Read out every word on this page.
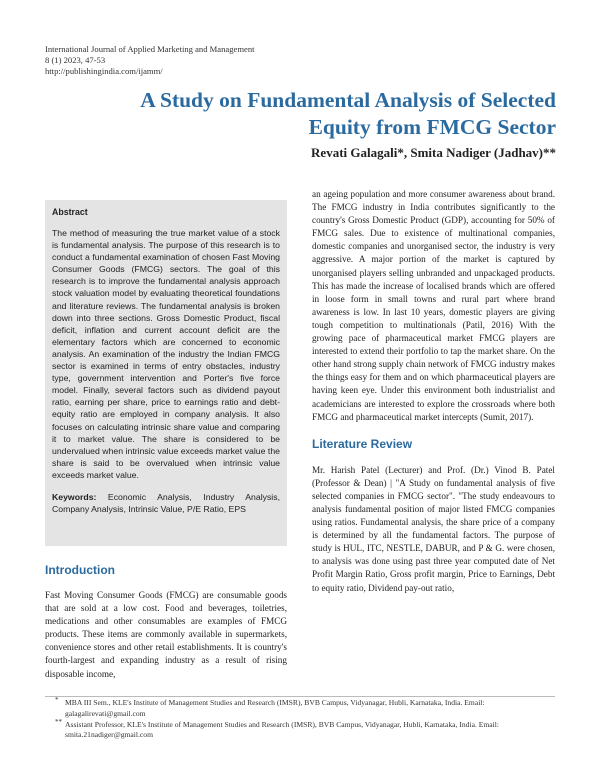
International Journal of Applied Marketing and Management
8 (1) 2023, 47-53
http://publishingindia.com/ijamm/
A Study on Fundamental Analysis of Selected
Equity from FMCG Sector
Revati Galagali*, Smita Nadiger (Jadhav)**

Abstract

The method of measuring the true market value of a stock is fundamental analysis. The purpose of this research is to conduct a fundamental examination of chosen Fast Moving Consumer Goods (FMCG) sectors. The goal of this research is to improve the fundamental analysis approach stock valuation model by evaluating theoretical foundations and literature reviews. The fundamental analysis is broken down into three sections. Gross Domestic Product, fiscal deficit, inflation and current account deficit are the elementary factors which are concerned to economic analysis. An examination of the industry the Indian FMCG sector is examined in terms of entry obstacles, industry type, government intervention and Porter's five force model. Finally, several factors such as dividend payout ratio, earning per share, price to earnings ratio and debt-equity ratio are employed in company analysis. It also focuses on calculating intrinsic share value and comparing it to market value. The share is considered to be undervalued when intrinsic value exceeds market value the share is said to be overvalued when intrinsic value exceeds market value.

Keywords: Economic Analysis, Industry Analysis, Company Analysis, Intrinsic Value, P/E Ratio, EPS

Introduction

Fast Moving Consumer Goods (FMCG) are consumable goods that are sold at a low cost. Food and beverages, toiletries, medications and other consumables are examples of FMCG products. These items are commonly available in supermarkets, convenience stores and other retail establishments. It is country's fourth-largest and expanding industry as a result of rising disposable income,

an ageing population and more consumer awareness about brand. The FMCG industry in India contributes significantly to the country's Gross Domestic Product (GDP), accounting for 50% of FMCG sales. Due to existence of multinational companies, domestic companies and unorganised sector, the industry is very aggressive. A major portion of the market is captured by unorganised players selling unbranded and unpackaged products. This has made the increase of localised brands which are offered in loose form in small towns and rural part where brand awareness is low. In last 10 years, domestic players are giving tough competition to multinationals (Patil, 2016) With the growing pace of pharmaceutical market FMCG players are interested to extend their portfolio to tap the market share. On the other hand strong supply chain network of FMCG industry makes the things easy for them and on which pharmaceutical players are having keen eye. Under this environment both industrialist and academicians are interested to explore the crossroads where both FMCG and pharmaceutical market intercepts (Sumit, 2017).

Literature Review

Mr. Harish Patel (Lecturer) and Prof. (Dr.) Vinod B. Patel (Professor & Dean) | "A Study on fundamental analysis of five selected companies in FMCG sector". "The study endeavours to analysis fundamental position of major listed FMCG companies using ratios. Fundamental analysis, the share price of a company is determined by all the fundamental factors. The purpose of study is HUL, ITC, NESTLE, DABUR, and P & G. were chosen, to analysis was done using past three year computed date of Net Profit Margin Ratio, Gross profit margin, Price to Earnings, Debt to equity ratio, Dividend pay-out ratio,

* MBA III Sem., KLE's Institute of Management Studies and Research (IMSR), BVB Campus, Vidyanagar, Hubli, Karnataka, India. Email: galagalirevati@gmail.com

** Assistant Professor, KLE's Institute of Management Studies and Research (IMSR), BVB Campus, Vidyanagar, Hubli, Karnataka, India. Email: smita.21nadiger@gmail.com
